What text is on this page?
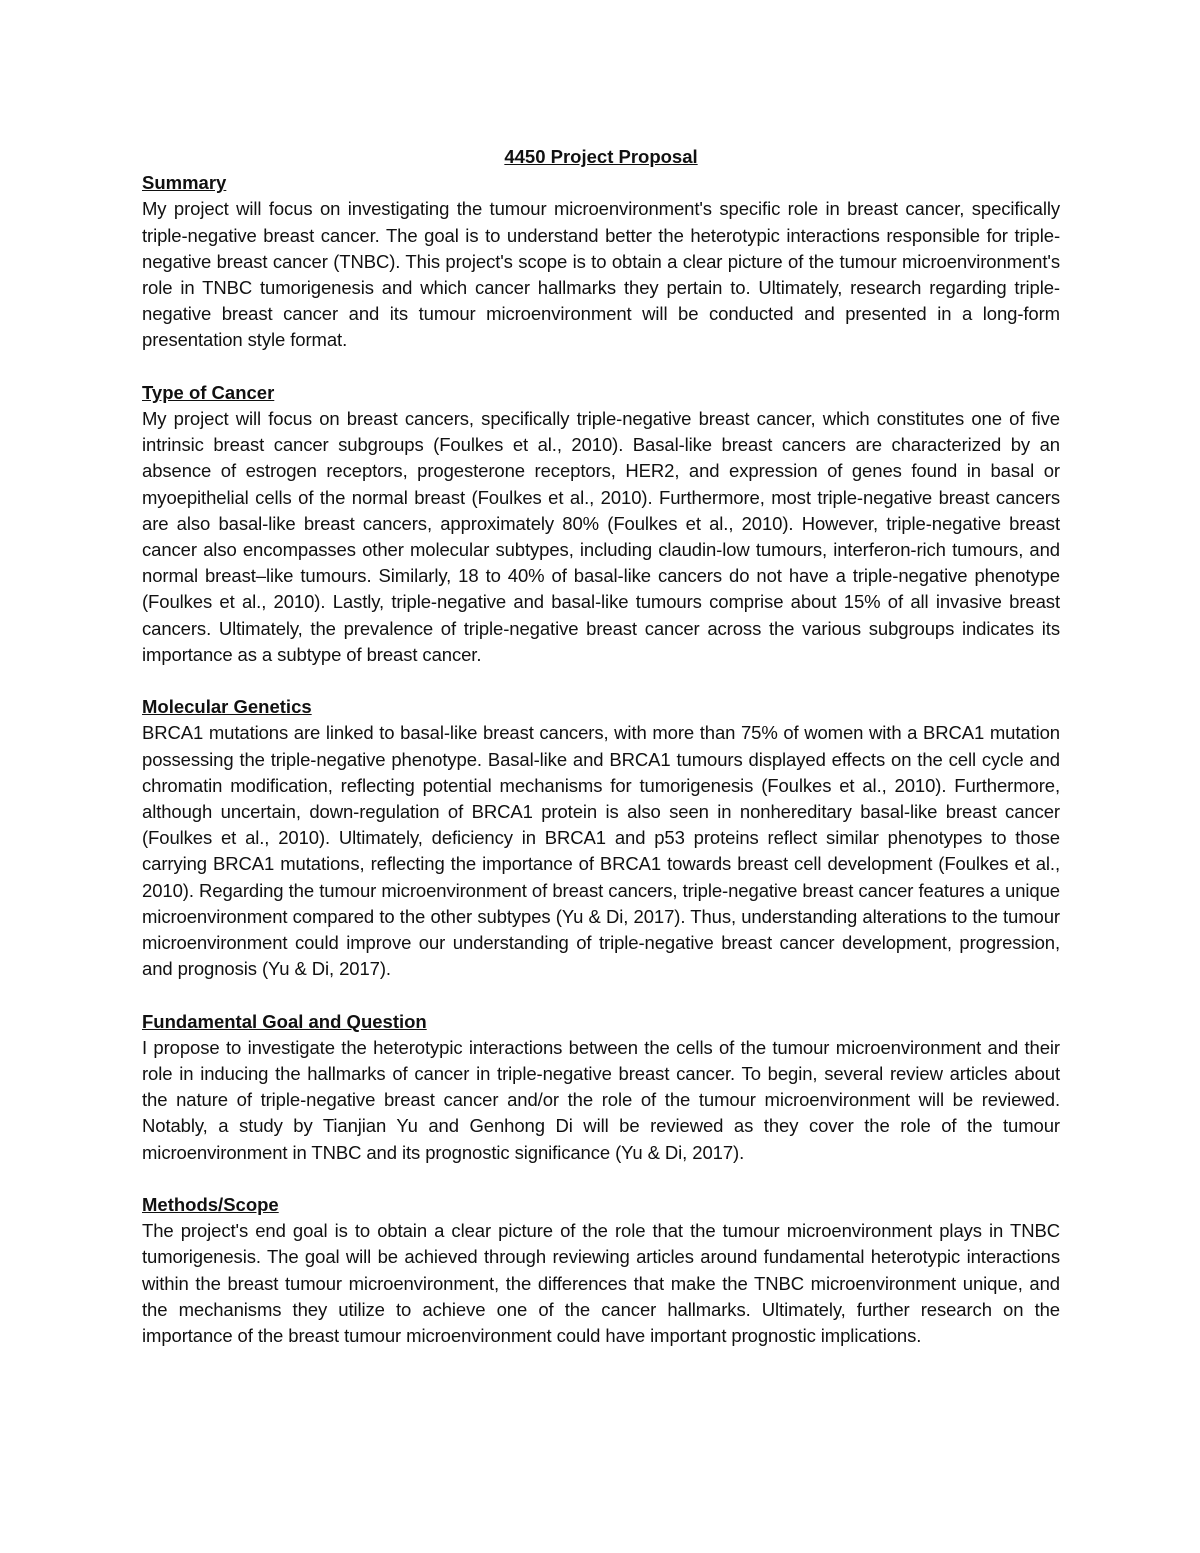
4450 Project Proposal
Summary

My project will focus on investigating the tumour microenvironment's specific role in breast cancer, specifically triple-negative breast cancer. The goal is to understand better the heterotypic interactions responsible for triple-negative breast cancer (TNBC). This project's scope is to obtain a clear picture of the tumour microenvironment's role in TNBC tumorigenesis and which cancer hallmarks they pertain to. Ultimately, research regarding triple-negative breast cancer and its tumour microenvironment will be conducted and presented in a long-form presentation style format.

Type of Cancer

My project will focus on breast cancers, specifically triple-negative breast cancer, which constitutes one of five intrinsic breast cancer subgroups (Foulkes et al., 2010). Basal-like breast cancers are characterized by an absence of estrogen receptors, progesterone receptors, HER2, and expression of genes found in basal or myoepithelial cells of the normal breast (Foulkes et al., 2010). Furthermore, most triple-negative breast cancers are also basal-like breast cancers, approximately 80% (Foulkes et al., 2010). However, triple-negative breast cancer also encompasses other molecular subtypes, including claudin-low tumours, interferon-rich tumours, and normal breast–like tumours. Similarly, 18 to 40% of basal-like cancers do not have a triple-negative phenotype (Foulkes et al., 2010). Lastly, triple-negative and basal-like tumours comprise about 15% of all invasive breast cancers. Ultimately, the prevalence of triple-negative breast cancer across the various subgroups indicates its importance as a subtype of breast cancer.

Molecular Genetics

BRCA1 mutations are linked to basal-like breast cancers, with more than 75% of women with a BRCA1 mutation possessing the triple-negative phenotype. Basal-like and BRCA1 tumours displayed effects on the cell cycle and chromatin modification, reflecting potential mechanisms for tumorigenesis (Foulkes et al., 2010). Furthermore, although uncertain, down-regulation of BRCA1 protein is also seen in nonhereditary basal-like breast cancer (Foulkes et al., 2010). Ultimately, deficiency in BRCA1 and p53 proteins reflect similar phenotypes to those carrying BRCA1 mutations, reflecting the importance of BRCA1 towards breast cell development (Foulkes et al., 2010). Regarding the tumour microenvironment of breast cancers, triple-negative breast cancer features a unique microenvironment compared to the other subtypes (Yu & Di, 2017). Thus, understanding alterations to the tumour microenvironment could improve our understanding of triple-negative breast cancer development, progression, and prognosis (Yu & Di, 2017).

Fundamental Goal and Question

I propose to investigate the heterotypic interactions between the cells of the tumour microenvironment and their role in inducing the hallmarks of cancer in triple-negative breast cancer. To begin, several review articles about the nature of triple-negative breast cancer and/or the role of the tumour microenvironment will be reviewed. Notably, a study by Tianjian Yu and Genhong Di will be reviewed as they cover the role of the tumour microenvironment in TNBC and its prognostic significance (Yu & Di, 2017).

Methods/Scope

The project's end goal is to obtain a clear picture of the role that the tumour microenvironment plays in TNBC tumorigenesis. The goal will be achieved through reviewing articles around fundamental heterotypic interactions within the breast tumour microenvironment, the differences that make the TNBC microenvironment unique, and the mechanisms they utilize to achieve one of the cancer hallmarks. Ultimately, further research on the importance of the breast tumour microenvironment could have important prognostic implications.
